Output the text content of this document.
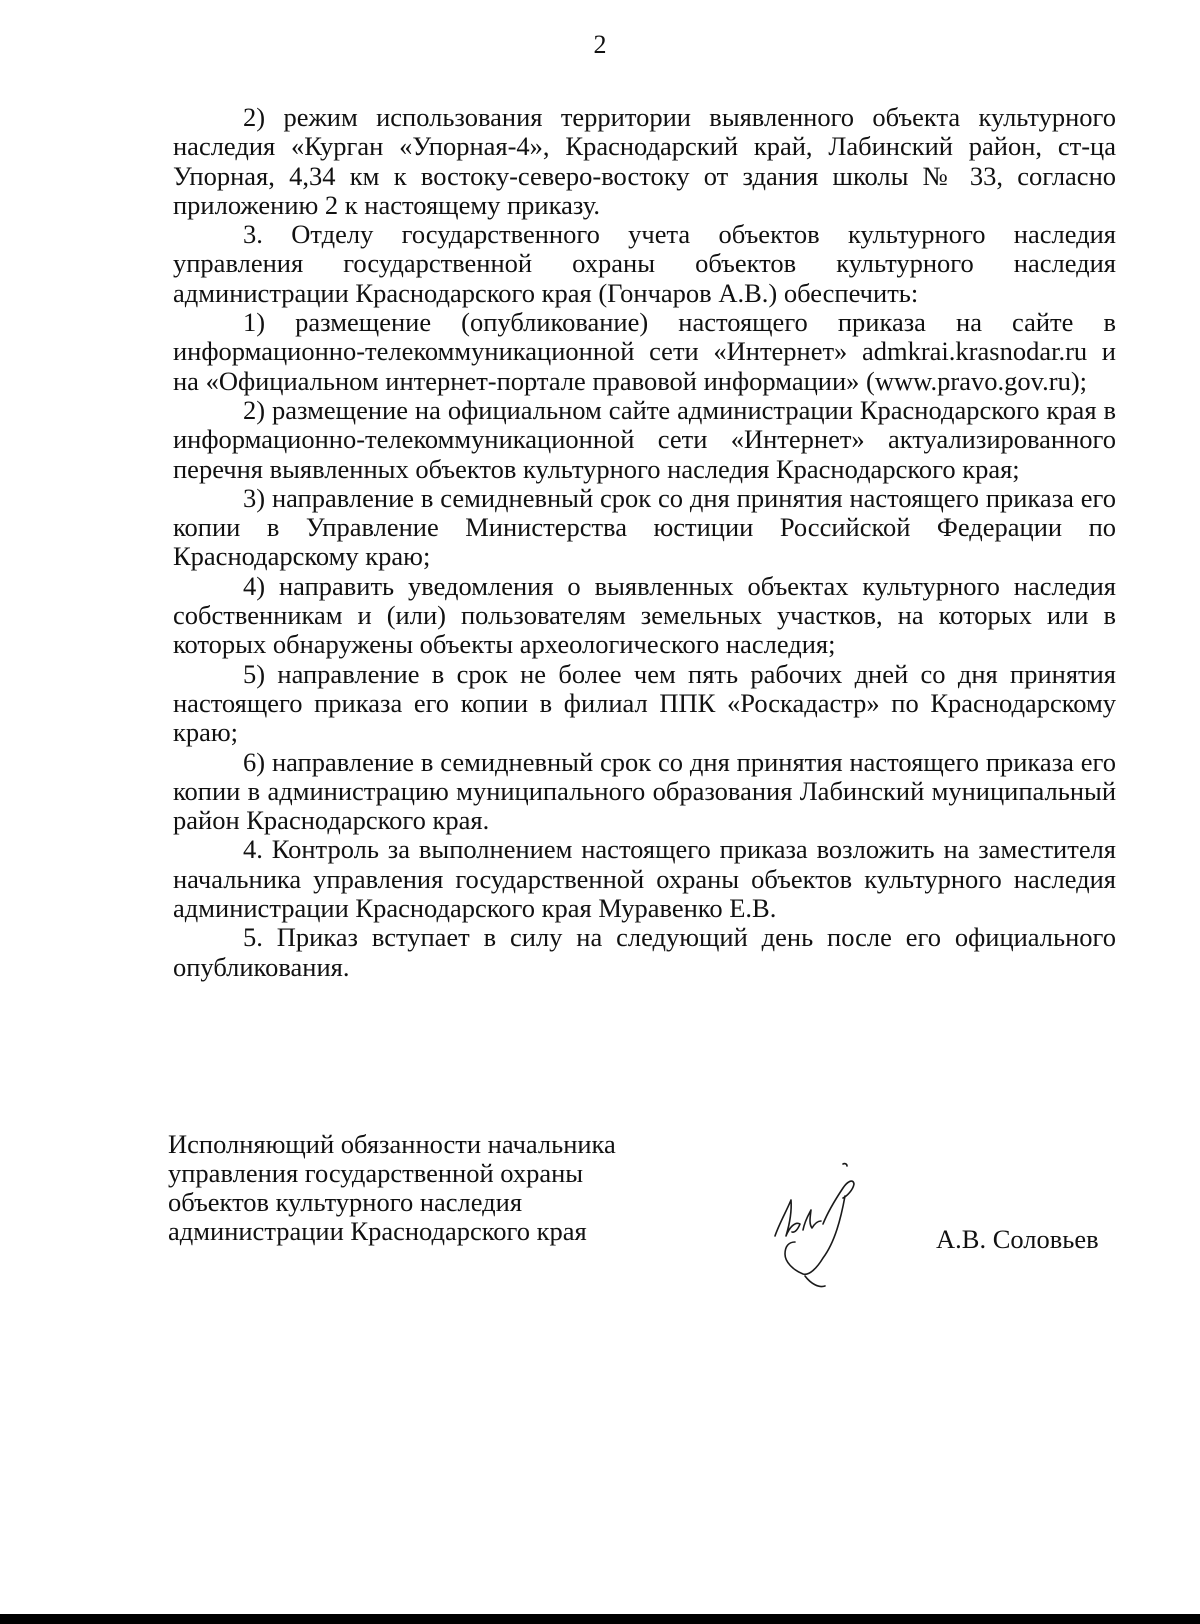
2

2) режим использования территории выявленного объекта культурного наследия «Курган «Упорная-4», Краснодарский край, Лабинский район, ст-ца Упорная, 4,34 км к востоку-северо-востоку от здания школы № 33, согласно приложению 2 к настоящему приказу.

3. Отделу государственного учета объектов культурного наследия управления государственной охраны объектов культурного наследия администрации Краснодарского края (Гончаров А.В.) обеспечить:

1) размещение (опубликование) настоящего приказа на сайте в информационно-телекоммуникационной сети «Интернет» admkrai.krasnodar.ru и на «Официальном интернет-портале правовой информации» (www.pravo.gov.ru);

2) размещение на официальном сайте администрации Краснодарского края в информационно-телекоммуникационной сети «Интернет» актуализированного перечня выявленных объектов культурного наследия Краснодарского края;

3) направление в семидневный срок со дня принятия настоящего приказа его копии в Управление Министерства юстиции Российской Федерации по Краснодарскому краю;

4) направить уведомления о выявленных объектах культурного наследия собственникам и (или) пользователям земельных участков, на которых или в которых обнаружены объекты археологического наследия;

5) направление в срок не более чем пять рабочих дней со дня принятия настоящего приказа его копии в филиал ППК «Роскадастр» по Краснодарскому краю;

6) направление в семидневный срок со дня принятия настоящего приказа его копии в администрацию муниципального образования Лабинский муниципальный район Краснодарского края.

4. Контроль за выполнением настоящего приказа возложить на заместителя начальника управления государственной охраны объектов культурного наследия администрации Краснодарского края Муравенко Е.В.

5. Приказ вступает в силу на следующий день после его официального опубликования.

Исполняющий обязанности начальника
управления государственной охраны
объектов культурного наследия
администрации Краснодарского края	А.В. Соловьев
